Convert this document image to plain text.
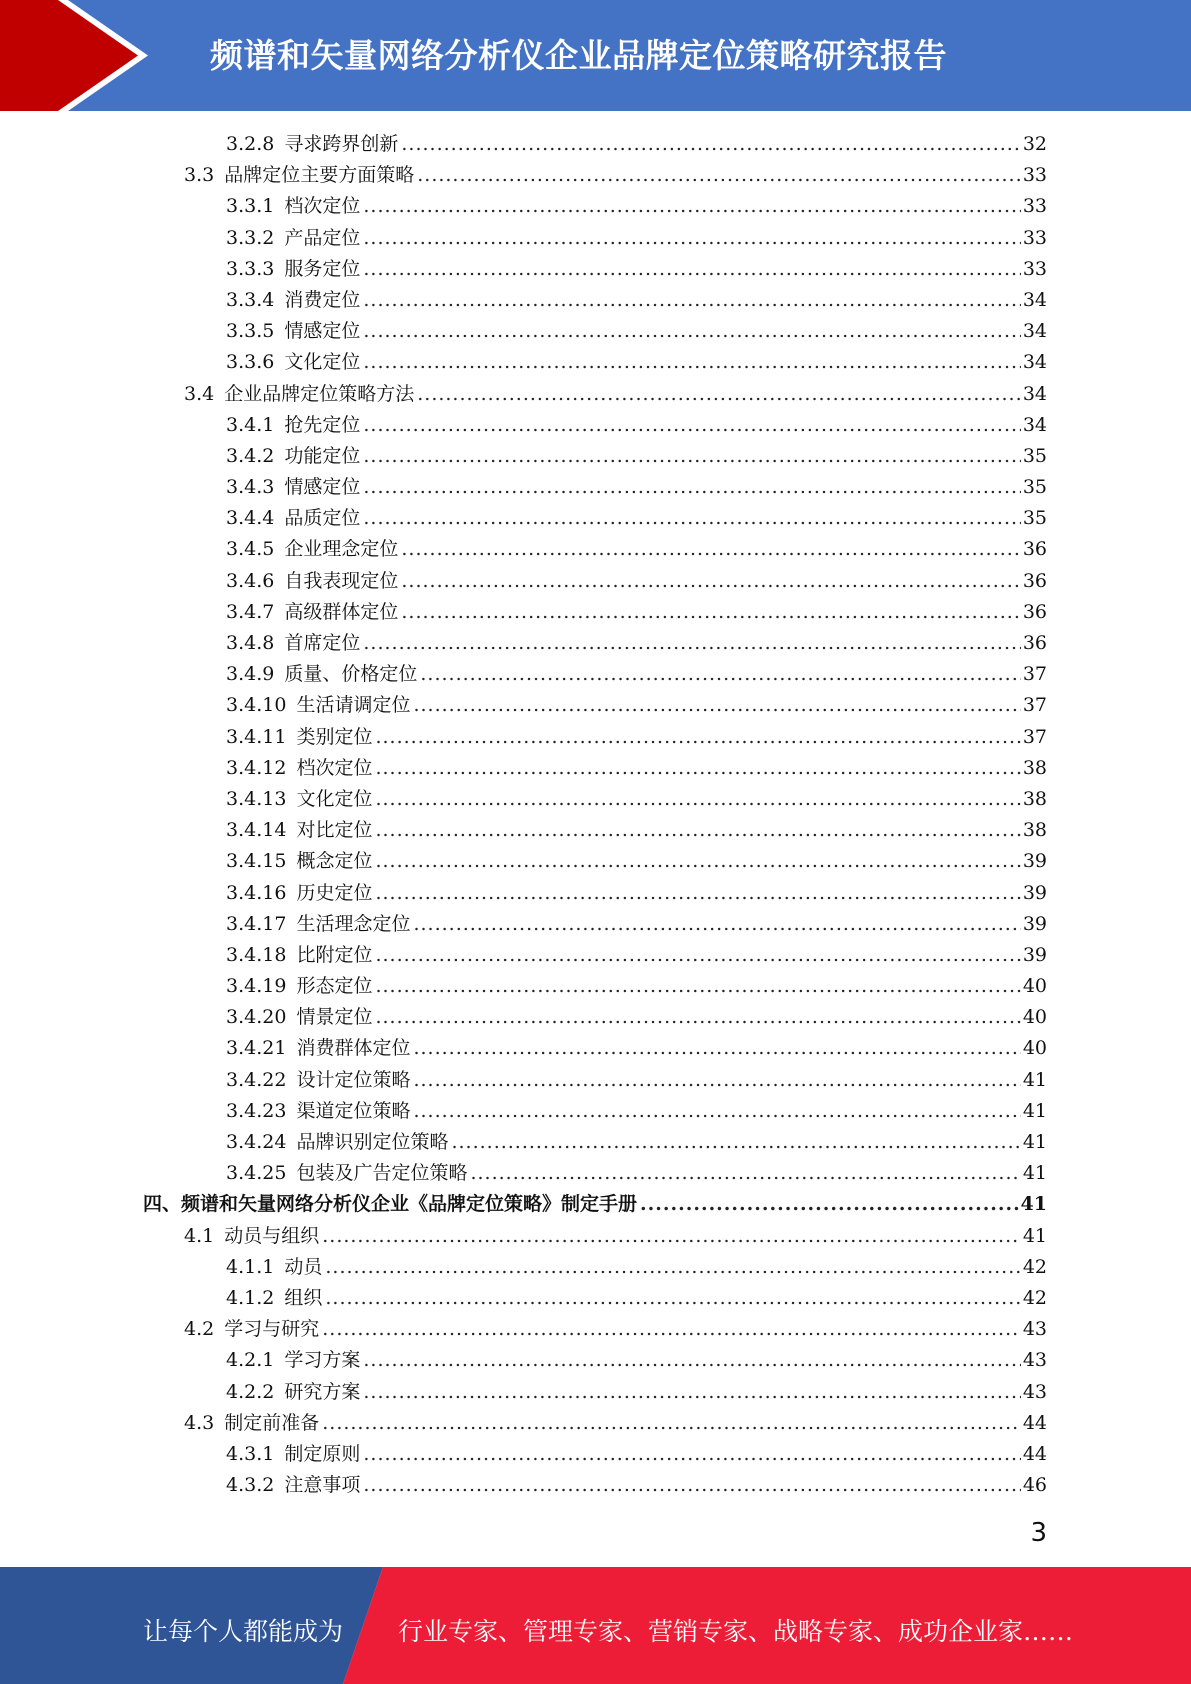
频谱和矢量网络分析仪企业品牌定位策略研究报告
3.2.8 寻求跨界创新 .....	32
3.3 品牌定位主要方面策略 .....	33
3.3.1 档次定位 .....	33
3.3.2 产品定位 .....	33
3.3.3 服务定位 .....	33
3.3.4 消费定位 .....	34
3.3.5 情感定位 .....	34
3.3.6 文化定位 .....	34
3.4 企业品牌定位策略方法 .....	34
3.4.1 抢先定位 .....	34
3.4.2 功能定位 .....	35
3.4.3 情感定位 .....	35
3.4.4 品质定位 .....	35
3.4.5 企业理念定位 .....	36
3.4.6 自我表现定位 .....	36
3.4.7 高级群体定位 .....	36
3.4.8 首席定位 .....	36
3.4.9 质量、价格定位 .....	37
3.4.10 生活请调定位 .....	37
3.4.11 类别定位 .....	37
3.4.12 档次定位 .....	38
3.4.13 文化定位 .....	38
3.4.14 对比定位 .....	38
3.4.15 概念定位 .....	39
3.4.16 历史定位 .....	39
3.4.17 生活理念定位 .....	39
3.4.18 比附定位 .....	39
3.4.19 形态定位 .....	40
3.4.20 情景定位 .....	40
3.4.21 消费群体定位 .....	40
3.4.22 设计定位策略 .....	41
3.4.23 渠道定位策略 .....	41
3.4.24 品牌识别定位策略 .....	41
3.4.25 包装及广告定位策略 .....	41
四、 频谱和矢量网络分析仪企业《品牌定位策略》制定手册 .....	41
4.1 动员与组织 .....	41
4.1.1 动员 .....	42
4.1.2 组织 .....	42
4.2 学习与研究 .....	43
4.2.1 学习方案 .....	43
4.2.2 研究方案 .....	43
4.3 制定前准备 .....	44
4.3.1 制定原则 .....	44
4.3.2 注意事项 .....	46
3
让每个人都能成为 行业专家、管理专家、营销专家、战略专家、成功企业家……
